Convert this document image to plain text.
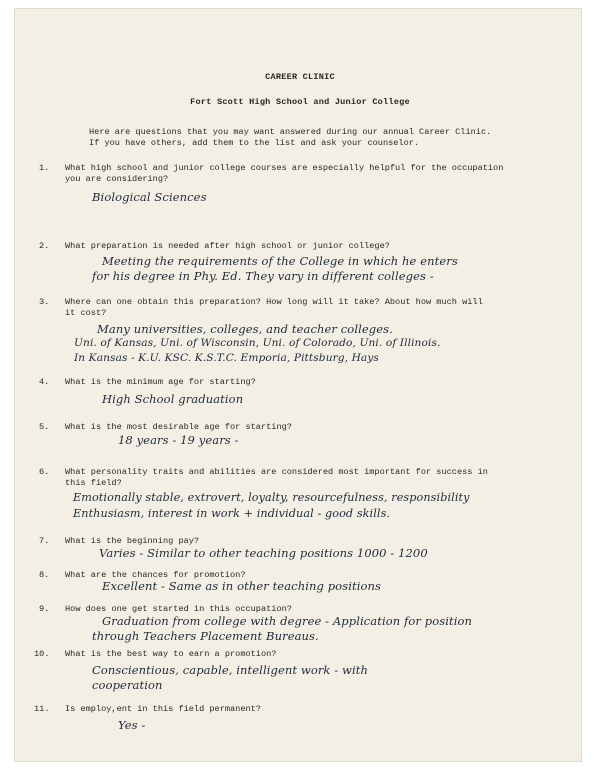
CAREER CLINIC
Fort Scott High School and Junior College
Here are questions that you may want answered during our annual Career Clinic.
If you have others, add them to the list and ask your counselor.
1. What high school and junior college courses are especially helpful for the occupation
you are considering?
Biological Sciences
2. What preparation is needed after high school or junior college?
Meeting the requirements of the College in which he enters
for his degree in Phy. Ed. They vary in different colleges -
3. Where can one obtain this preparation? How long will it take? About how much will
it cost?
Many universities, colleges, and teacher colleges.
Uni. of Kansas, Uni. of Wisconsin, Uni. of Colorado, Uni. of Illinois.
In Kansas - K.U. KSC. K.S.T.C. Emporia, Pittsburg, Hays
4. What is the minimum age for starting?
High School graduation
5. What is the most desirable age for starting?
18 years - 19 years -
6. What personality traits and abilities are considered most important for success in
this field?
Emotionally stable, extrovert, loyalty, resourcefulness, responsibility
Enthusiasm, interest in work + individual - good skills.
7. What is the beginning pay?
Varies - Similar to other teaching positions 1000 - 1200
8. What are the chances for promotion?
Excellent - Same as in other teaching positions
9. How does one get started in this occupation?
Graduation from college with degree - Application for position
through Teachers Placement Bureaus.
10. What is the best way to earn a promotion?
Conscientious, capable, intelligent work - with
cooperation
11. Is employ,ent in this field permanent?
Yes -
